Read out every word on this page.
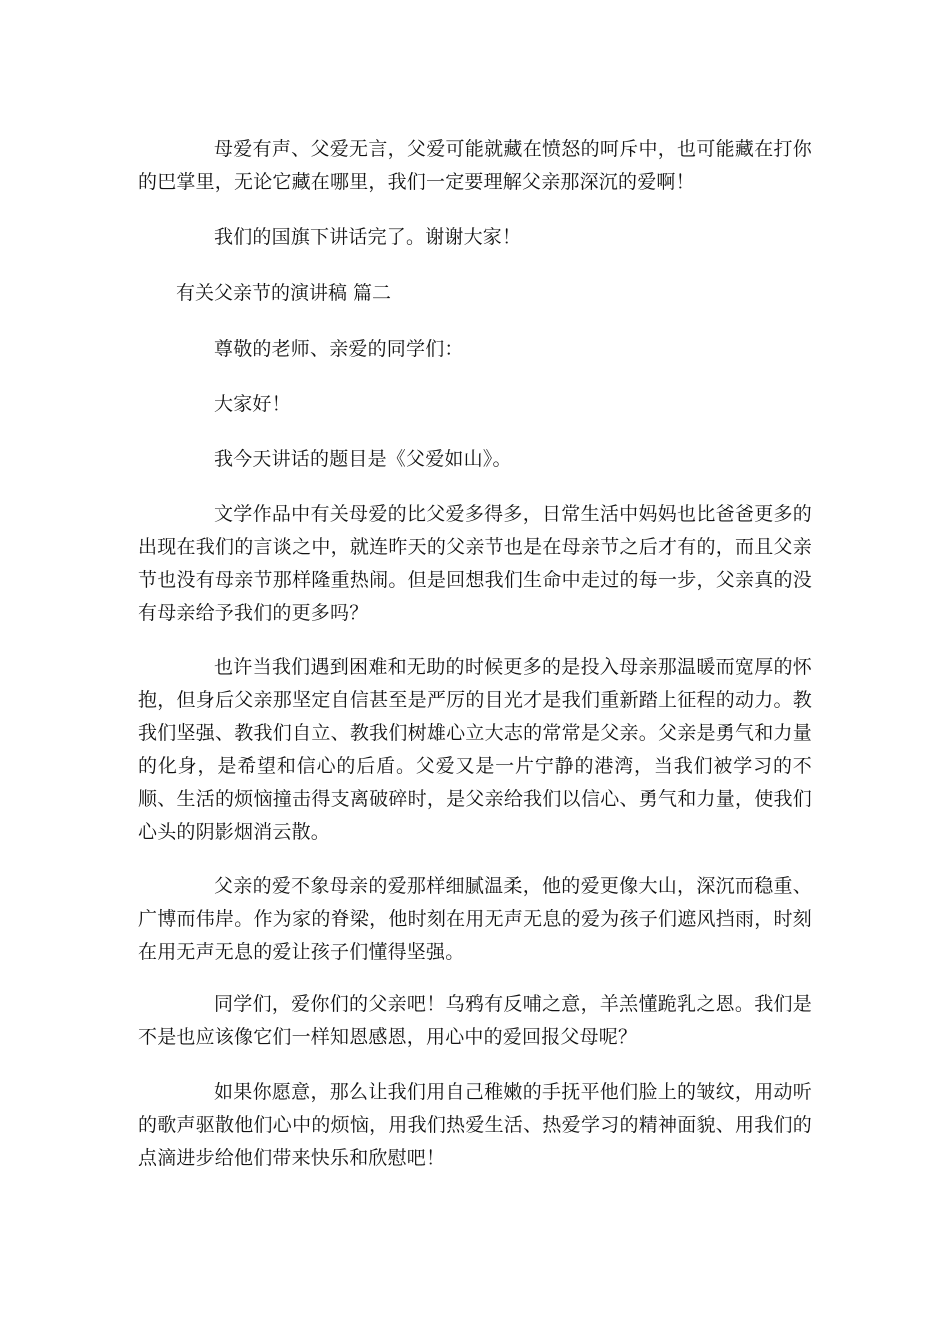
母爱有声、父爱无言，父爱可能就藏在愤怒的呵斥中，也可能藏在打你的巴掌里，无论它藏在哪里，我们一定要理解父亲那深沉的爱啊！

我们的国旗下讲话完了。谢谢大家！

有关父亲节的演讲稿 篇二

尊敬的老师、亲爱的同学们：

大家好！

我今天讲话的题目是《父爱如山》。

文学作品中有关母爱的比父爱多得多，日常生活中妈妈也比爸爸更多的出现在我们的言谈之中，就连昨天的父亲节也是在母亲节之后才有的，而且父亲节也没有母亲节那样隆重热闹。但是回想我们生命中走过的每一步，父亲真的没有母亲给予我们的更多吗？

也许当我们遇到困难和无助的时候更多的是投入母亲那温暖而宽厚的怀抱，但身后父亲那坚定自信甚至是严厉的目光才是我们重新踏上征程的动力。教我们坚强、教我们自立、教我们树雄心立大志的常常是父亲。父亲是勇气和力量的化身，是希望和信心的后盾。父爱又是一片宁静的港湾，当我们被学习的不顺、生活的烦恼撞击得支离破碎时，是父亲给我们以信心、勇气和力量，使我们心头的阴影烟消云散。

父亲的爱不象母亲的爱那样细腻温柔，他的爱更像大山，深沉而稳重、广博而伟岸。作为家的脊梁，他时刻在用无声无息的爱为孩子们遮风挡雨，时刻在用无声无息的爱让孩子们懂得坚强。

同学们，爱你们的父亲吧！乌鸦有反哺之意，羊羔懂跪乳之恩。我们是不是也应该像它们一样知恩感恩，用心中的爱回报父母呢？

如果你愿意，那么让我们用自己稚嫩的手抚平他们脸上的皱纹，用动听的歌声驱散他们心中的烦恼，用我们热爱生活、热爱学习的精神面貌、用我们的点滴进步给他们带来快乐和欣慰吧！
